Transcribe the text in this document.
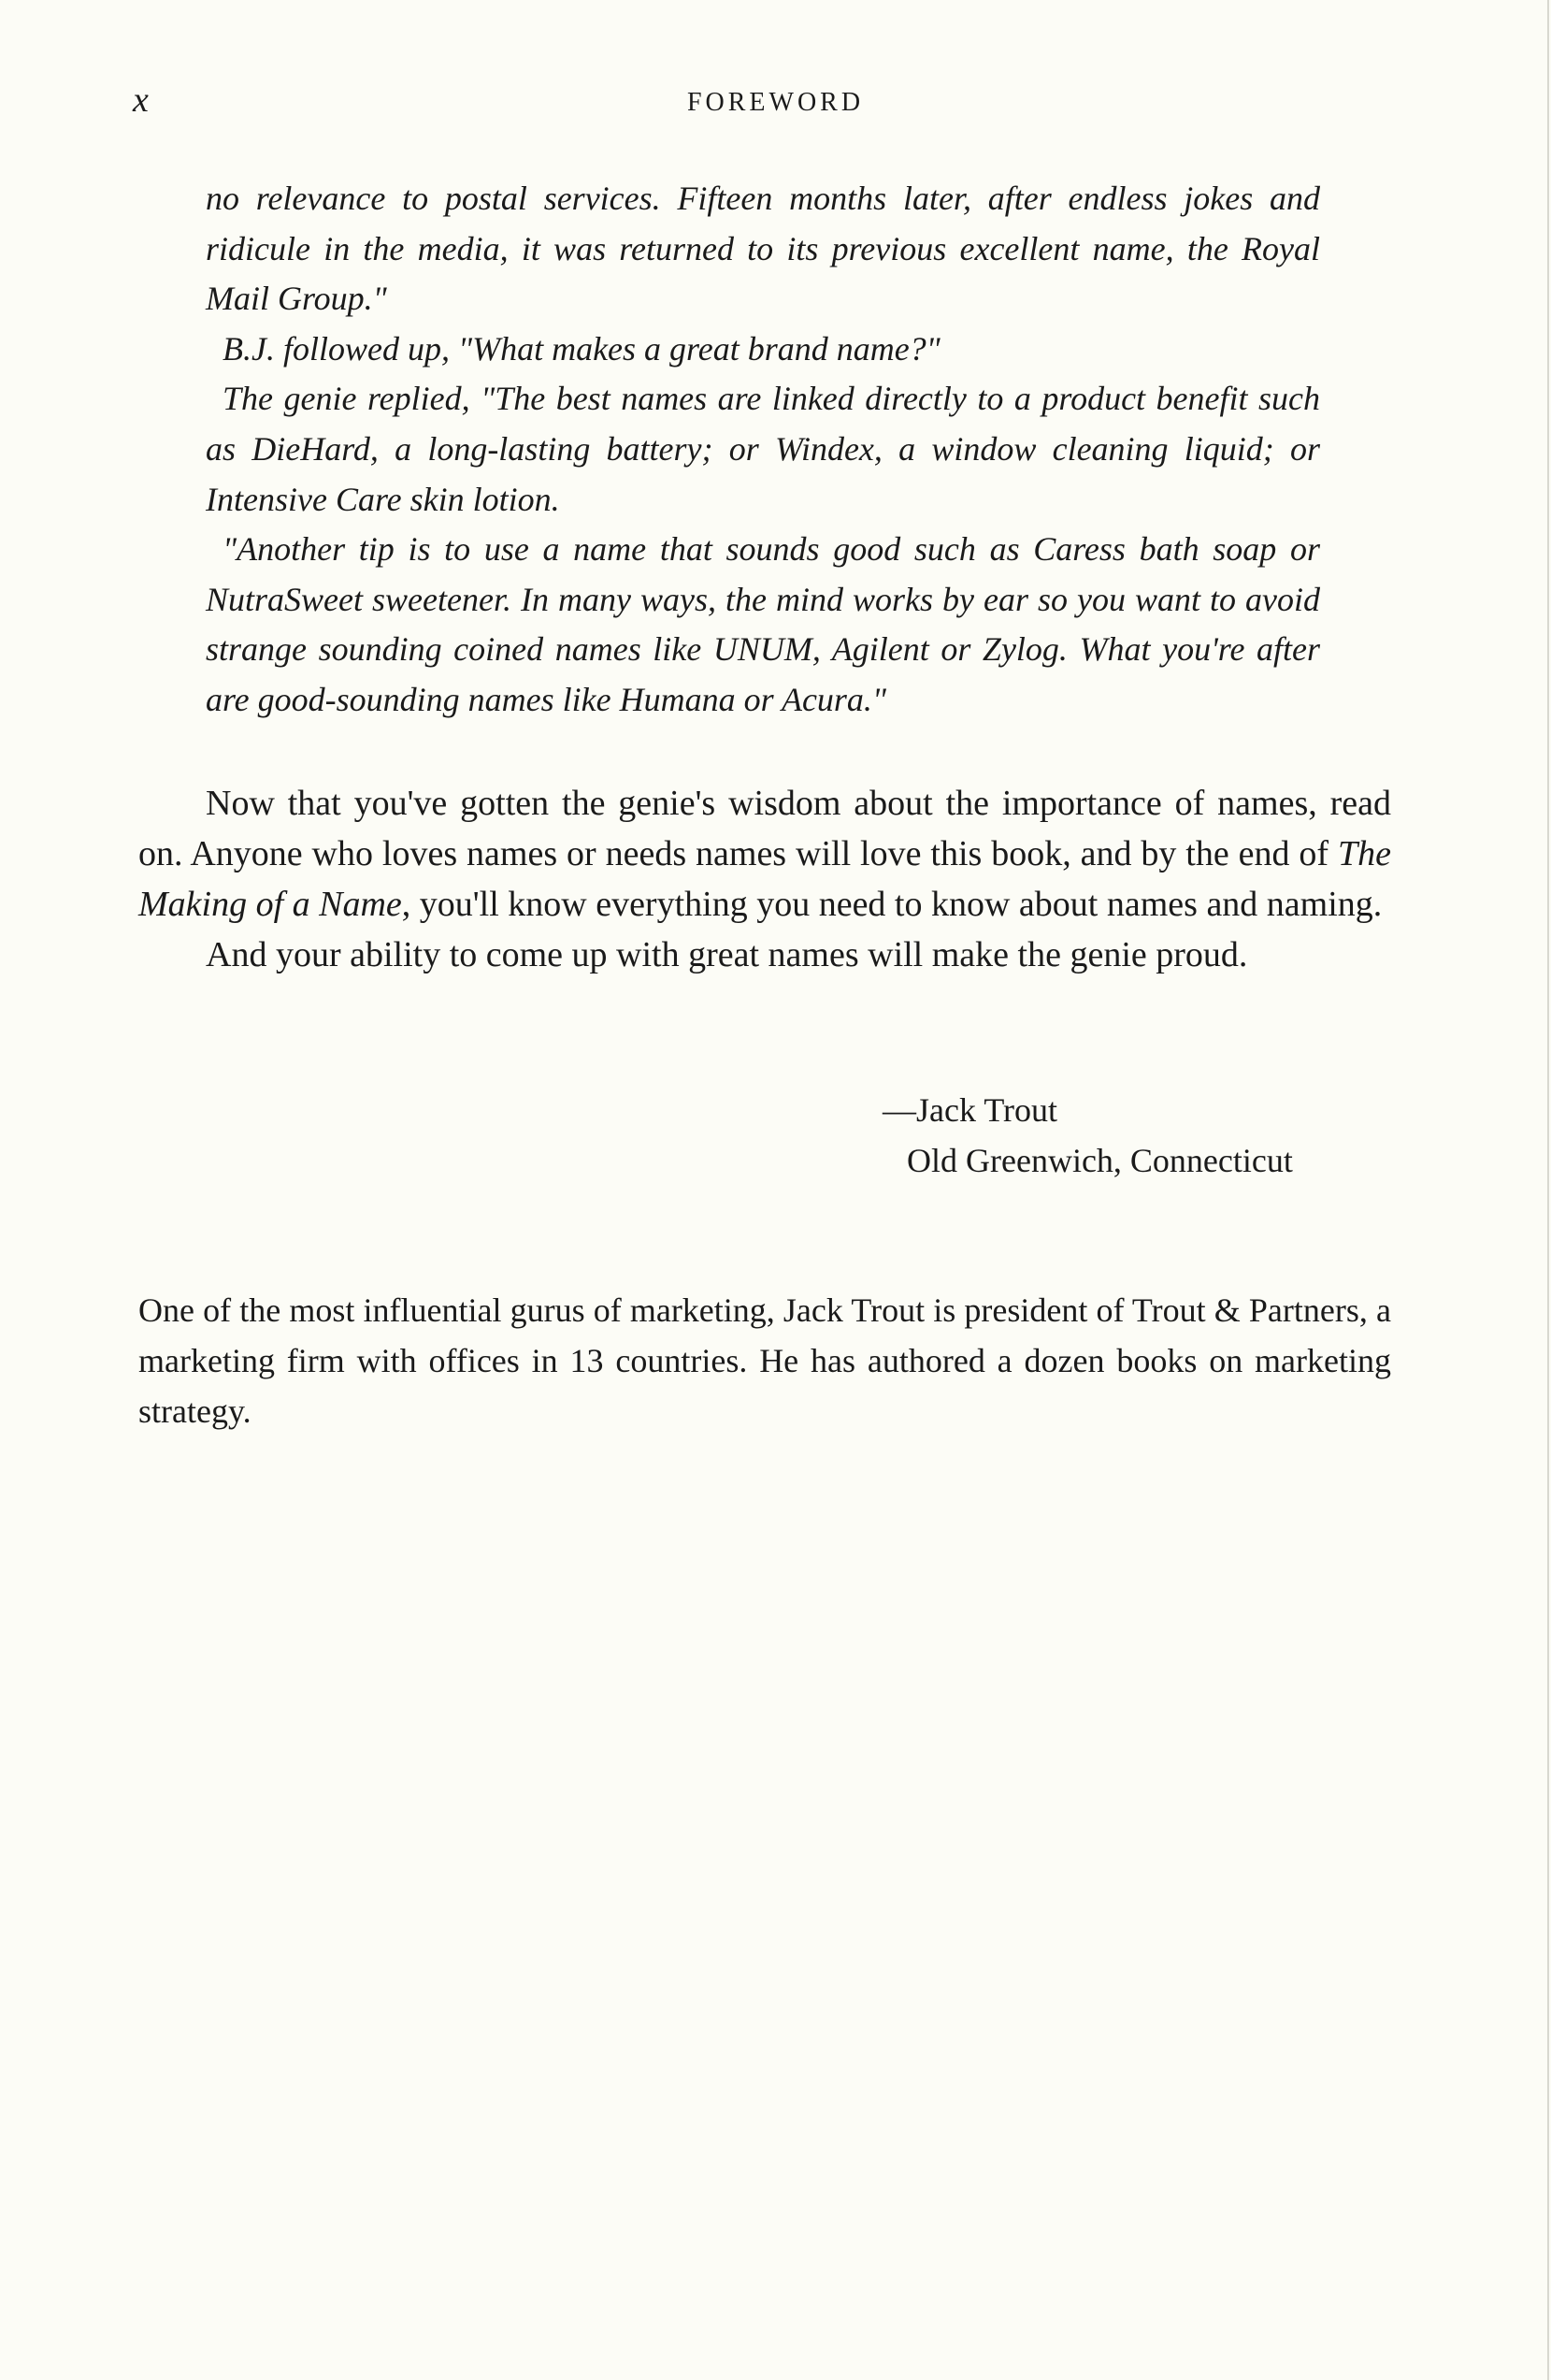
x	FOREWORD

no relevance to postal services. Fifteen months later, after endless jokes and ridicule in the media, it was returned to its previous excellent name, the Royal Mail Group."

B.J. followed up, "What makes a great brand name?"

The genie replied, "The best names are linked directly to a product benefit such as DieHard, a long-lasting battery; or Windex, a window cleaning liquid; or Intensive Care skin lotion.

"Another tip is to use a name that sounds good such as Caress bath soap or NutraSweet sweetener. In many ways, the mind works by ear so you want to avoid strange sounding coined names like UNUM, Agilent or Zylog. What you're after are good-sounding names like Humana or Acura."

Now that you've gotten the genie's wisdom about the importance of names, read on. Anyone who loves names or needs names will love this book, and by the end of The Making of a Name, you'll know everything you need to know about names and naming.

And your ability to come up with great names will make the genie proud.

—Jack Trout
Old Greenwich, Connecticut

One of the most influential gurus of marketing, Jack Trout is president of Trout & Partners, a marketing firm with offices in 13 countries. He has authored a dozen books on marketing strategy.
